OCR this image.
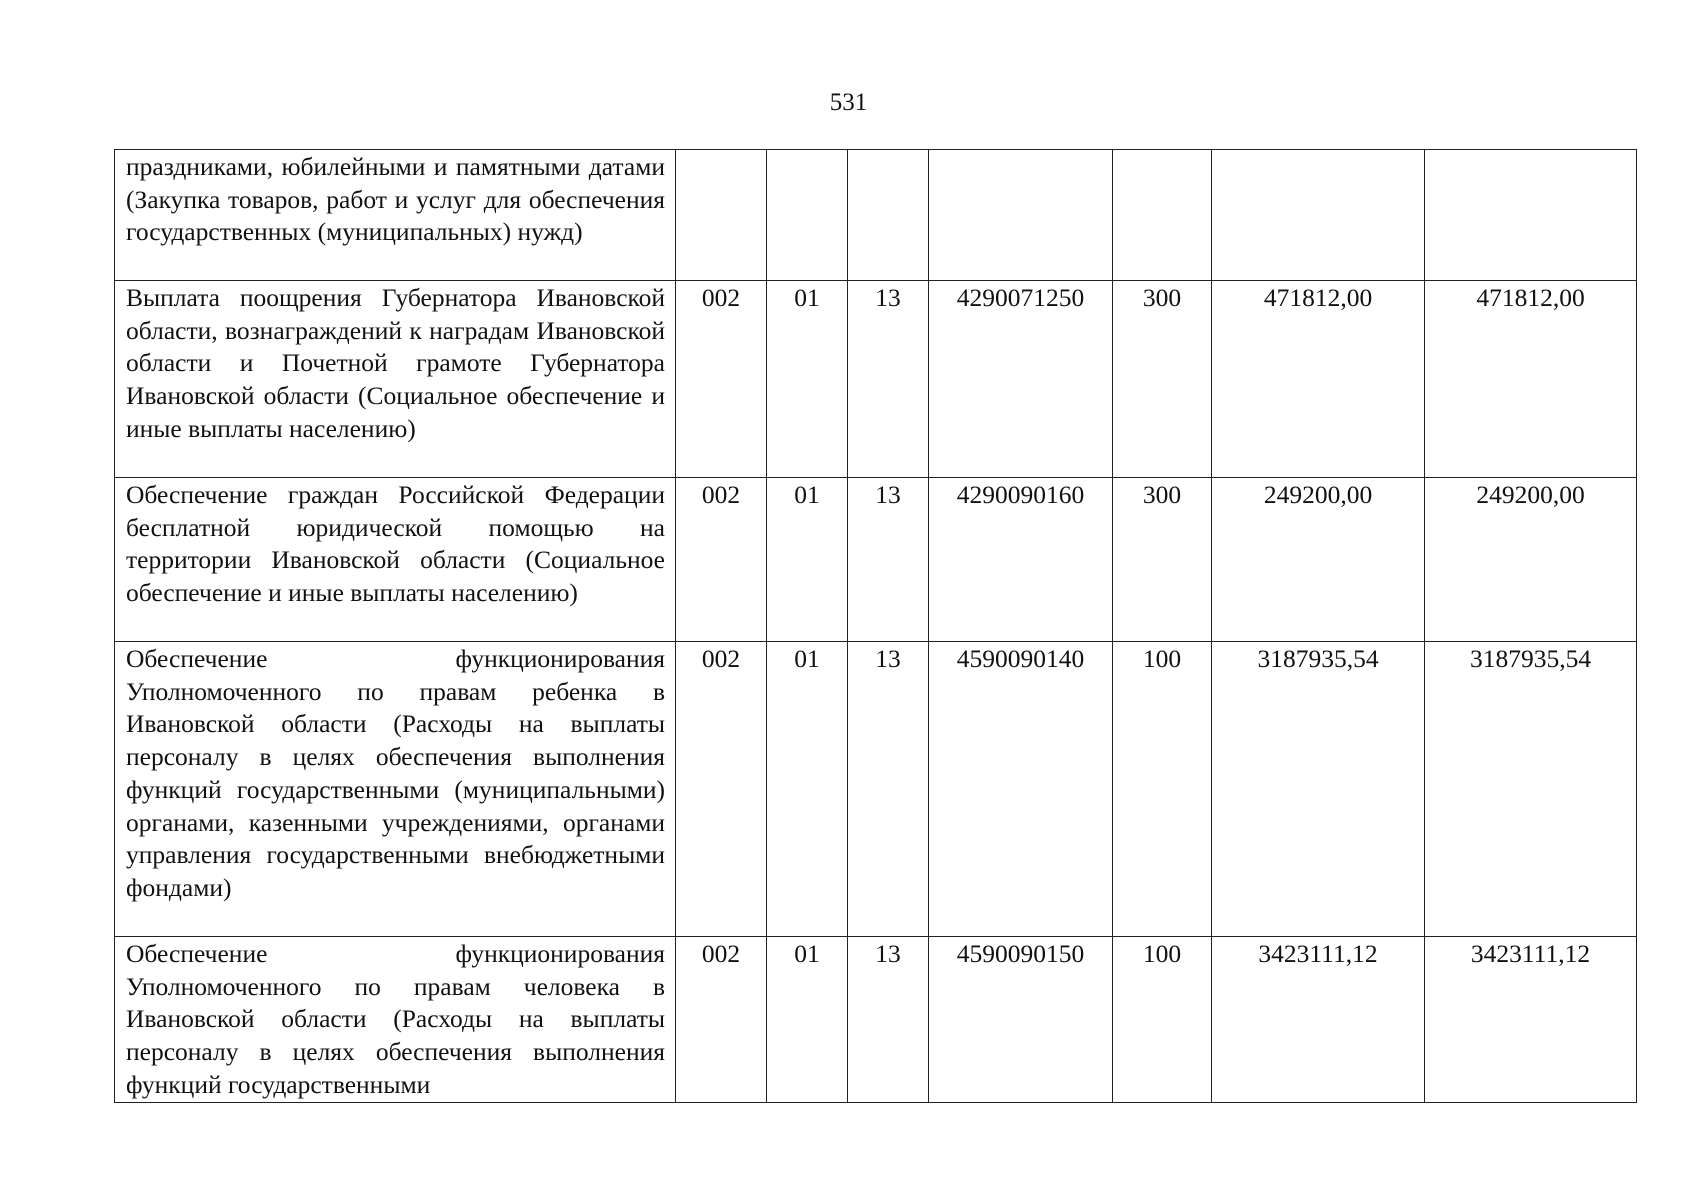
531
праздниками, юбилейными и памятными датами (Закупка товаров, работ и услуг для обеспечения государственных (муниципальных) нужд)							
Выплата поощрения Губернатора Ивановской области, вознаграждений к наградам Ивановской области и Почетной грамоте Губернатора Ивановской области (Социальное обеспечение и иные выплаты населению)	002	01	13	4290071250	300	471812,00	471812,00
Обеспечение граждан Российской Федерации бесплатной юридической помощью на территории Ивановской области (Социальное обеспечение и иные выплаты населению)	002	01	13	4290090160	300	249200,00	249200,00
Обеспечение функционирования Уполномоченного по правам ребенка в Ивановской области (Расходы на выплаты персоналу в целях обеспечения выполнения функций государственными (муниципальными) органами, казенными учреждениями, органами управления государственными внебюджетными фондами)	002	01	13	4590090140	100	3187935,54	3187935,54
Обеспечение функционирования Уполномоченного по правам человека в Ивановской области (Расходы на выплаты персоналу в целях обеспечения выполнения функций государственными	002	01	13	4590090150	100	3423111,12	3423111,12
